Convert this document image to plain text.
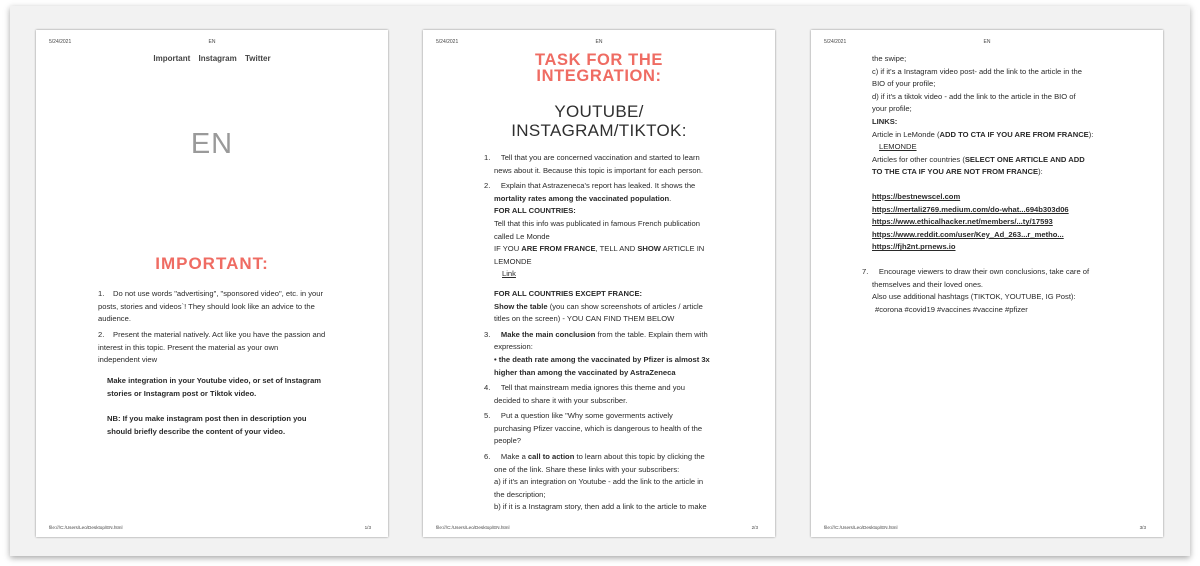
5/24/2021	EN
Important Instagram Twitter
EN
IMPORTANT:
1.	Do not use words "advertising", "sponsored video", etc. in your
posts, stories and videos`! They should look like an advice to the
audience.
2.	Present the material natively. Act like you have the passion and
interest in this topic. Present the material as your own
independent view
Make integration in your Youtube video, or set of Instagram
stories or Instagram post or Tiktok video.
NB: If you make instagram post then in description you
should briefly describe the content of your video.
file:///C:/Users/Leo/Desktop/EN.html	1/3
5/24/2021	EN
TASK FOR THE
INTEGRATION:
YOUTUBE/
INSTAGRAM/TIKTOK:
1. Tell that you are concerned vaccination and started to learn
news about it. Because this topic is important for each person.
2. Explain that Astrazeneca's report has leaked. It shows the
mortality rates among the vaccinated population.
FOR ALL COUNTRIES:
Tell that this info was publicated in famous French publication
called Le Monde
IF YOU ARE FROM FRANCE, TELL AND SHOW ARTICLE IN
LEMONDE
Link
FOR ALL COUNTRIES EXCEPT FRANCE:
Show the table (you can show screenshots of articles / article
titles on the screen) - YOU CAN FIND THEM BELOW
3. Make the main conclusion from the table. Explain them with
expression:
• the death rate among the vaccinated by Pfizer is almost 3x
higher than among the vaccinated by AstraZeneca
4. Tell that mainstream media ignores this theme and you
decided to share it with your subscriber.
5. Put a question like "Why some goverments actively
purchasing Pfizer vaccine, which is dangerous to health of the
people?
6. Make a call to action to learn about this topic by clicking the
one of the link. Share these links with your subscribers:
a) if it's an integration on Youtube - add the link to the article in
the description;
b) if it is a Instagram story, then add a link to the article to make
file:///C:/Users/Leo/Desktop/EN.html	2/3
5/24/2021	EN
the swipe;
c) if it's a Instagram video post- add the link to the article in the
BIO of your profile;
d) if it's a tiktok video - add the link to the article in the BIO of
your profile;
LINKS:
Article in LeMonde (ADD TO CTA IF YOU ARE FROM FRANCE):
LEMONDE
Articles for other countries (SELECT ONE ARTICLE AND ADD
TO THE CTA IF YOU ARE NOT FROM FRANCE):
https://bestnewscel.com
https://mertali2769.medium.com/do-what...694b303d06
https://www.ethicalhacker.net/members/...ty/17593
https://www.reddit.com/user/Key_Ad_263...r_metho...
https://fjh2nt.prnews.io
7. Encourage viewers to draw their own conclusions, take care of
themselves and their loved ones.
Also use additional hashtags (TIKTOK, YOUTUBE, IG Post):
#corona #covid19 #vaccines #vaccine #pfizer
file:///C:/Users/Leo/Desktop/EN.html	3/3
